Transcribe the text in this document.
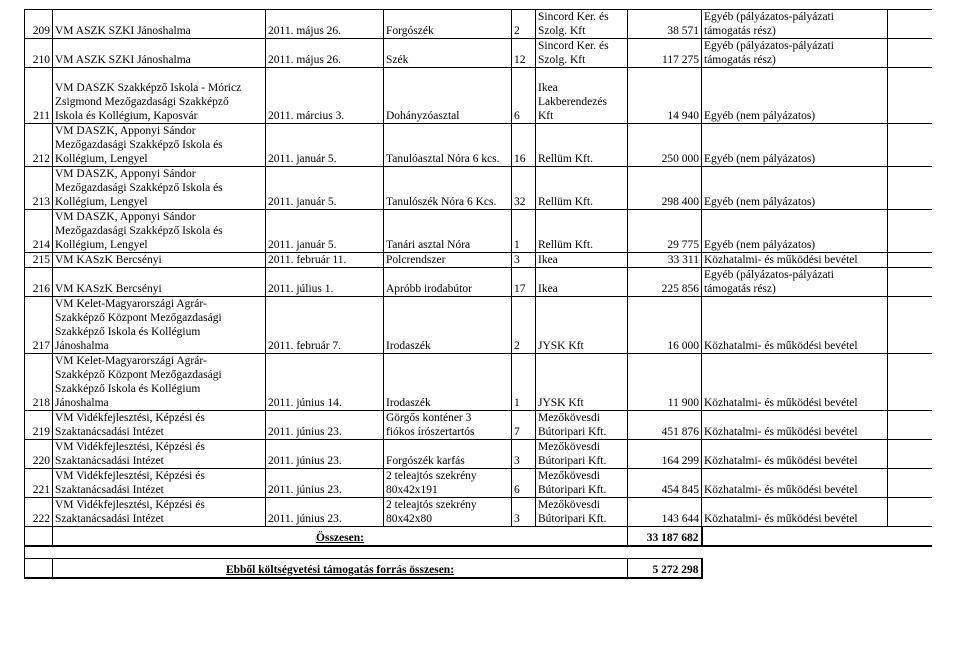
209	VM ASZK SZKI Jánoshalma	2011. május 26.	Forgószék	2	Sincord Ker. és
Szolg. Kft	38 571	Egyéb (pályázatos-pályázati
támogatás rész)	

210	VM ASZK SZKI Jánoshalma	2011. május 26.	Szék	12	Sincord Ker. és
Szolg. Kft	117 275	Egyéb (pályázatos-pályázati
támogatás rész)	

211	VM DASZK Szakképző Iskola - Móricz
Zsigmond Mezőgazdasági Szakképző
Iskola és Kollégium, Kaposvár	2011. március 3.	Dohányzóasztal	6	Ikea
Lakberendezés
Kft	14 940	Egyéb (nem pályázatos)	

212	VM DASZK, Apponyi Sándor
Mezőgazdasági Szakképző Iskola és
Kollégium, Lengyel	2011. január 5.	Tanulóasztal Nóra 6 kcs.	16	Rellüm Kft.	250 000	Egyéb (nem pályázatos)	

213	VM DASZK, Apponyi Sándor
Mezőgazdasági Szakképző Iskola és
Kollégium, Lengyel	2011. január 5.	Tanulószék Nóra 6 Kcs.	32	Rellüm Kft.	298 400	Egyéb (nem pályázatos)	

214	VM DASZK, Apponyi Sándor
Mezőgazdasági Szakképző Iskola és
Kollégium, Lengyel	2011. január 5.	Tanári asztal Nóra	1	Rellüm Kft.	29 775	Egyéb (nem pályázatos)	

215	VM KASzK Bercsényi	2011. február 11.	Polcrendszer	3	Ikea	33 311	Közhatalmi- és működési bevétel	

216	VM KASzK Bercsényi	2011. július 1.	Apróbb irodabútor	17	Ikea	225 856	Egyéb (pályázatos-pályázati
támogatás rész)	

217	VM Kelet-Magyarországi Agrár-
Szakképző Központ Mezőgazdasági
Szakképző Iskola és Kollégium
Jánoshalma	2011. február 7.	Irodaszék	2	JYSK Kft	16 000	Közhatalmi- és működési bevétel	

218	VM Kelet-Magyarországi Agrár-
Szakképző Központ Mezőgazdasági
Szakképző Iskola és Kollégium
Jánoshalma	2011. június 14.	Irodaszék	1	JYSK Kft	11 900	Közhatalmi- és működési bevétel	

219	VM Vidékfejlesztési, Képzési és
Szaktanácsadási Intézet	2011. június 23.	Görgős konténer 3
fiókos írószertartós	7	Mezőkövesdi
Bútoripari Kft.	451 876	Közhatalmi- és működési bevétel	

220	VM Vidékfejlesztési, Képzési és
Szaktanácsadási Intézet	2011. június 23.	Forgószék karfás	3	Mezőkövesdi
Bútoripari Kft.	164 299	Közhatalmi- és működési bevétel	

221	VM Vidékfejlesztési, Képzési és
Szaktanácsadási Intézet	2011. június 23.	2 teleajtós szekrény
80x42x191	6	Mezőkövesdi
Bútoripari Kft.	454 845	Közhatalmi- és működési bevétel	

222	VM Vidékfejlesztési, Képzési és
Szaktanácsadási Intézet	2011. június 23.	2 teleajtós szekrény
80x42x80	3	Mezőkövesdi
Bútoripari Kft.	143 644	Közhatalmi- és működési bevétel	

	Összesen:					33 187 682		

	Ebből költségvetési támogatás forrás összesen:					5 272 298		
